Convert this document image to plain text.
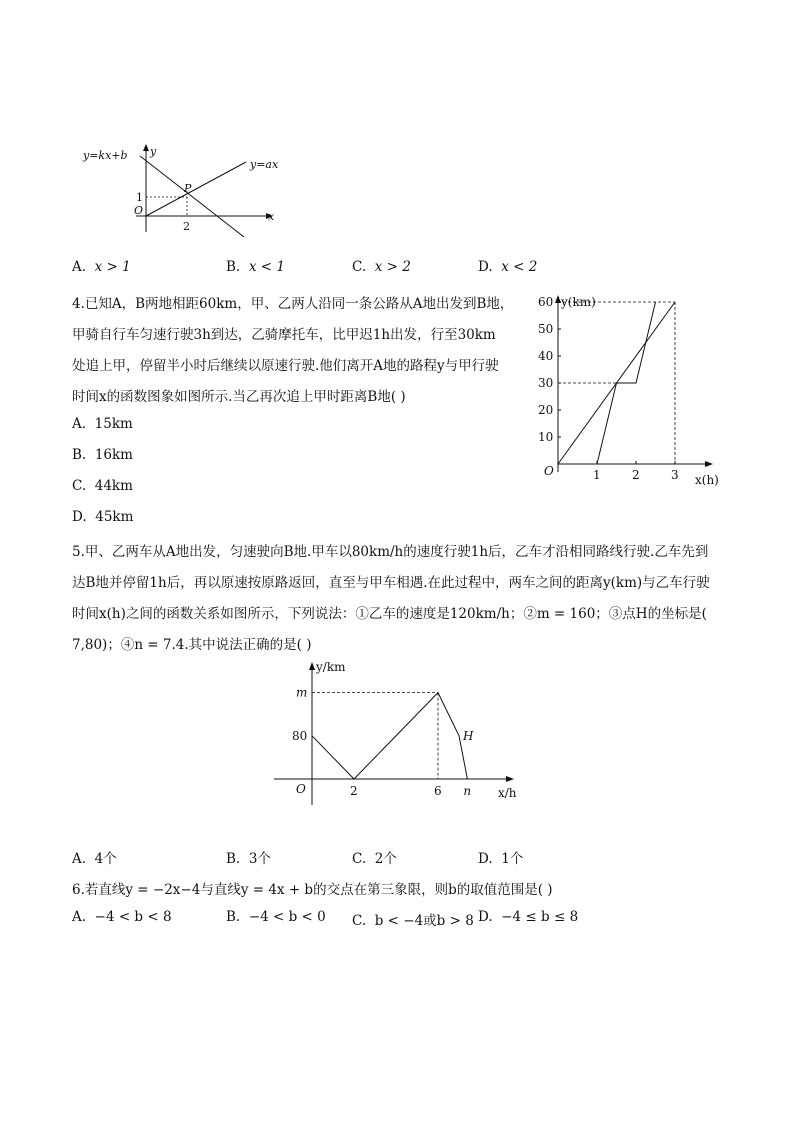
y=kx+b
y=ax
P
y
x
O
1
2
A. x > 1	B. x < 1	C. x > 2	D. x < 2
4.已知A，B两地相距60km，甲、乙两人沿同一条公路从A地出发到B地，
甲骑自行车匀速行驶3h到达，乙骑摩托车，比甲迟1h出发，行至30km
处追上甲，停留半小时后继续以原速行驶.他们离开A地的路程y与甲行驶
时间x的函数图象如图所示.当乙再次追上甲时距离B地( )
A. 15km
B. 16km
C. 44km
D. 45km
y(km)
x(h)
O	1	2	3
10
20
30
40
50
60
5.甲、乙两车从A地出发，匀速驶向B地.甲车以80km/h的速度行驶1h后，乙车才沿相同路线行驶.乙车先到
达B地并停留1h后，再以原速按原路返回，直至与甲车相遇.在此过程中，两车之间的距离y(km)与乙车行驶
时间x(h)之间的函数关系如图所示，下列说法：①乙车的速度是120km/h；②m = 160；③点H的坐标是(
7,80)；④n = 7.4.其中说法正确的是( )
y/km
x/h
O
80
m
2	6 n
H
A. 4个	B. 3个	C. 2个	D. 1个
6.若直线y = −2x−4与直线y = 4x + b的交点在第三象限，则b的取值范围是( )
A. −4 < b < 8	B. −4 < b < 0 C. b < −4或b > 8 D. −4 ≤ b ≤ 8
